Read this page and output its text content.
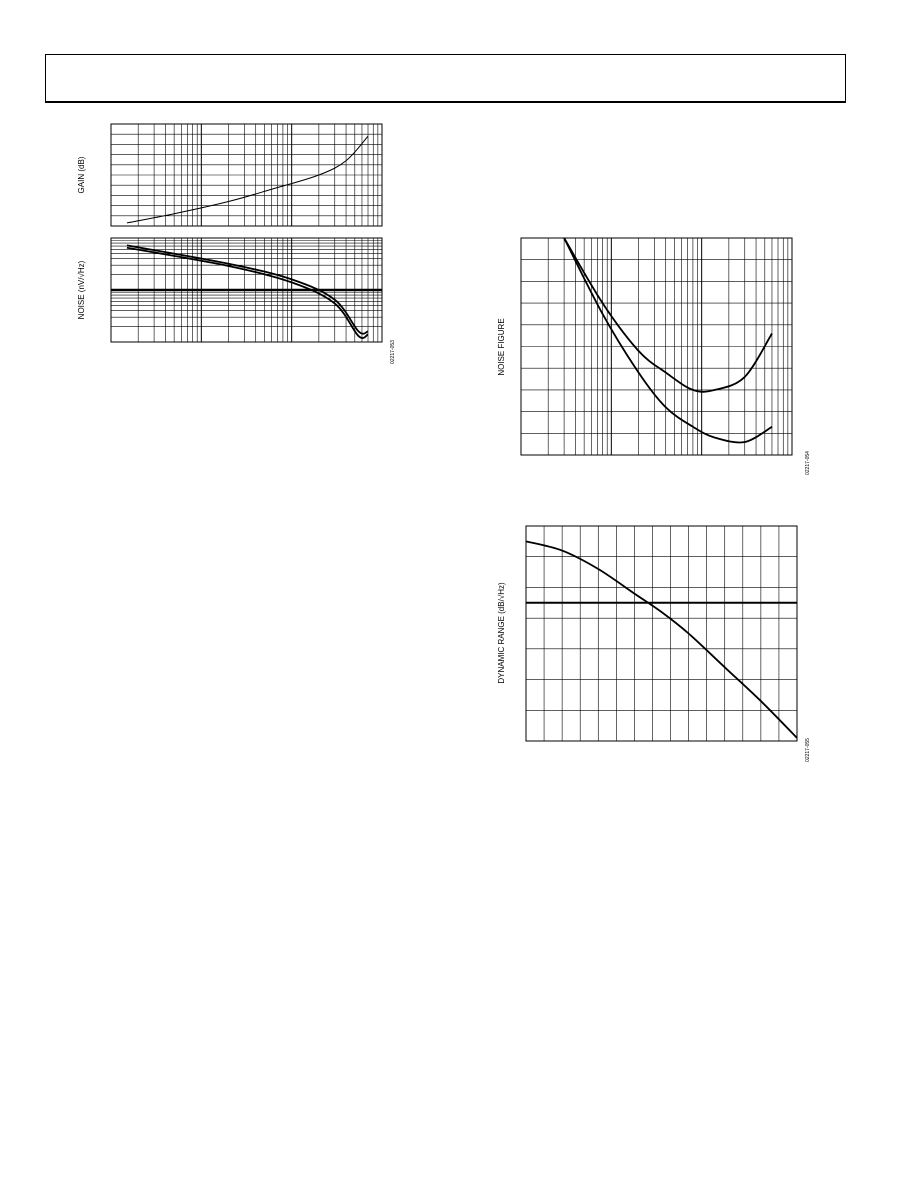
GAIN (dB)
NOISE (nV/√Hz)
02217-053	NOISE FIGURE
02217-054
DYNAMIC RANGE (dB/√Hz)
02217-055
